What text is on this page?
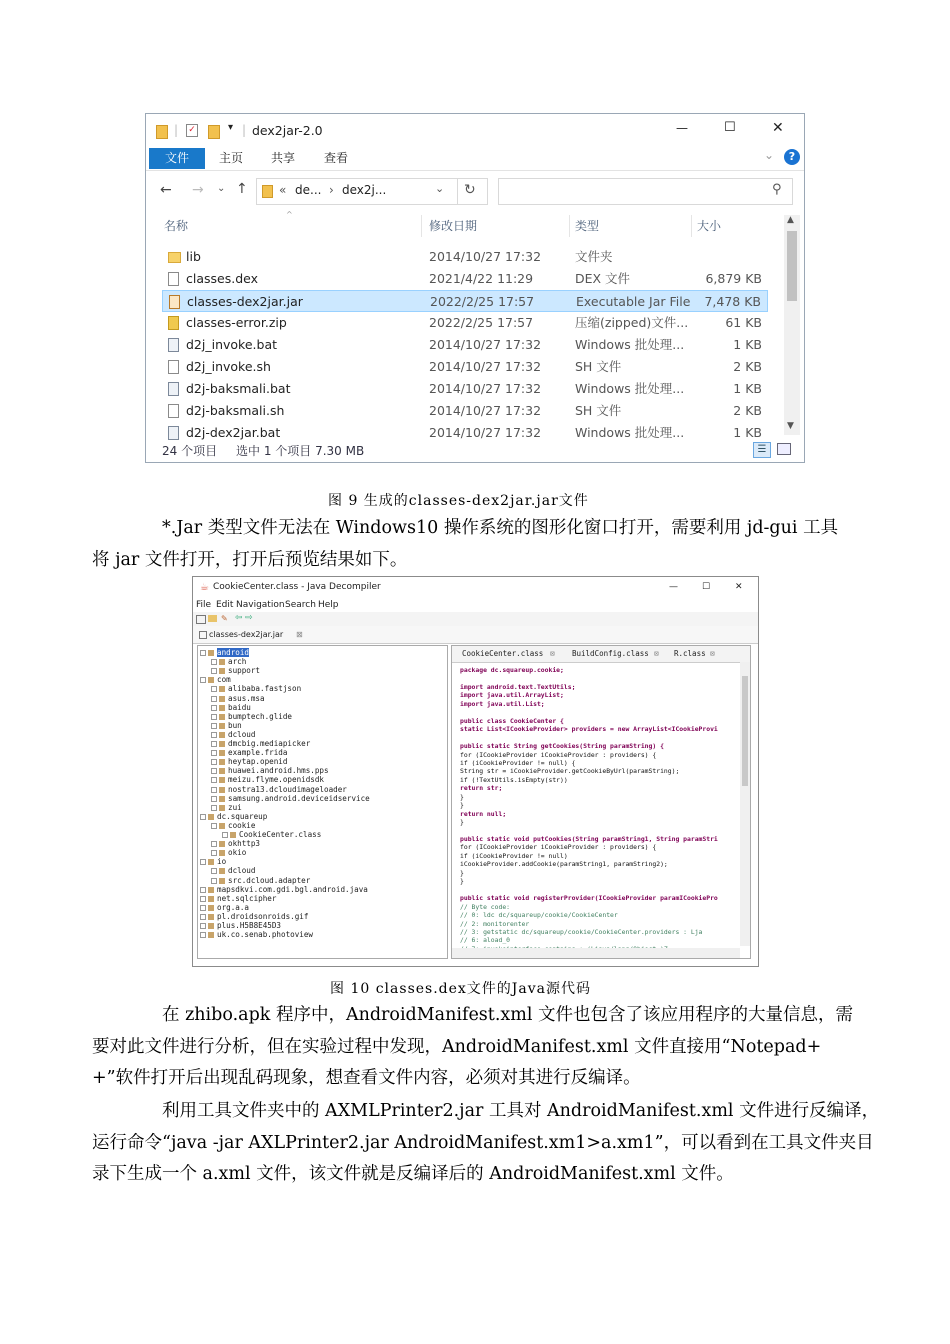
| ✓	▾ | dex2jar-2.0	—	☐	✕
文件	主页 共享 查看	⌄	?
← → ⌄ ↑	« de... › dex2j...	⌄ ↻	⚲
名称
^
修改日期	类型	大小
lib	2014/10/27 17:32	文件夹
classes.dex	2021/4/22 11:29	DEX 文件	6,879 KB
classes-dex2jar.jar	2022/2/25 17:57	Executable Jar File 7,478 KB
classes-error.zip	2022/2/25 17:57	压缩(zipped)文件...	61 KB
d2j_invoke.bat	2014/10/27 17:32	Windows 批处理...	1 KB
d2j_invoke.sh	2014/10/27 17:32	SH 文件	2 KB
d2j-baksmali.bat	2014/10/27 17:32	Windows 批处理...	1 KB
d2j-baksmali.sh	2014/10/27 17:32	SH 文件	2 KB
d2j-dex2jar.bat	2014/10/27 17:32	Windows 批处理...	1 KB
▲
▼
24 个项目 选中 1 个项目 7.30 MB	☰
图 9 生成的classes-dex2jar.jar文件
*.Jar 类型文件无法在 Windows10 操作系统的图形化窗口打开，需要利用 jd-gui 工具
将 jar 文件打开，打开后预览结果如下。
☕ CookieCenter.class - Java Decompiler	—	☐	✕
File Edit Navigation Search Help
✎ ⇦ ⇨
classes-dex2jar.jar ⊠
android
arch
support
com
alibaba.fastjson
asus.msa
baidu
bumptech.glide
bun
dcloud
dmcbig.mediapicker
example.frida
heytap.openid
huawei.android.hms.pps
meizu.flyme.openidsdk
nostra13.dcloudimageloader
samsung.android.deviceidservice
zui
dc.squareup
cookie
CookieCenter.class
okhttp3
okio
io
dcloud
src.dcloud.adapter
mapsdkvi.com.gdi.bgl.android.java
net.sqlcipher
org.a.a
pl.droidsonroids.gif
plus.H5B8E45D3
uk.co.senab.photoview
CookieCenter.class ⊠ BuildConfig.class ⊠ R.class ⊠
package dc.squareup.cookie;
import android.text.TextUtils;
import java.util.ArrayList;
import java.util.List;
public class CookieCenter {
static List<ICookieProvider> providers = new ArrayList<ICookieProvi
public static String getCookies(String paramString) {
for (ICookieProvider iCookieProvider : providers) {
if (iCookieProvider != null) {
String str = iCookieProvider.getCookieByUrl(paramString);
if (!TextUtils.isEmpty(str))
return str;
}
}
return null;
}
public static void putCookies(String paramString1, String paramStri
for (ICookieProvider iCookieProvider : providers) {
if (iCookieProvider != null)
iCookieProvider.addCookie(paramString1, paramString2);
}
}
public static void registerProvider(ICookieProvider paramICookiePro
// Byte code:
// 0: ldc dc/squareup/cookie/CookieCenter
// 2: monitorenter
// 3: getstatic dc/squareup/cookie/CookieCenter.providers : Lja
// 6: aload_0
图 10 classes.dex文件的Java源代码
在 zhibo.apk 程序中，AndroidManifest.xml 文件也包含了该应用程序的大量信息，需
要对此文件进行分析，但在实验过程中发现，AndroidManifest.xml 文件直接用“Notepad+
+”软件打开后出现乱码现象，想查看文件内容，必须对其进行反编译。
利用工具文件夹中的 AXMLPrinter2.jar 工具对 AndroidManifest.xml 文件进行反编译，
运行命令“java -jar AXLPrinter2.jar AndroidManifest.xm1>a.xm1”，可以看到在工具文件夹目
录下生成一个 a.xml 文件，该文件就是反编译后的 AndroidManifest.xml 文件。
